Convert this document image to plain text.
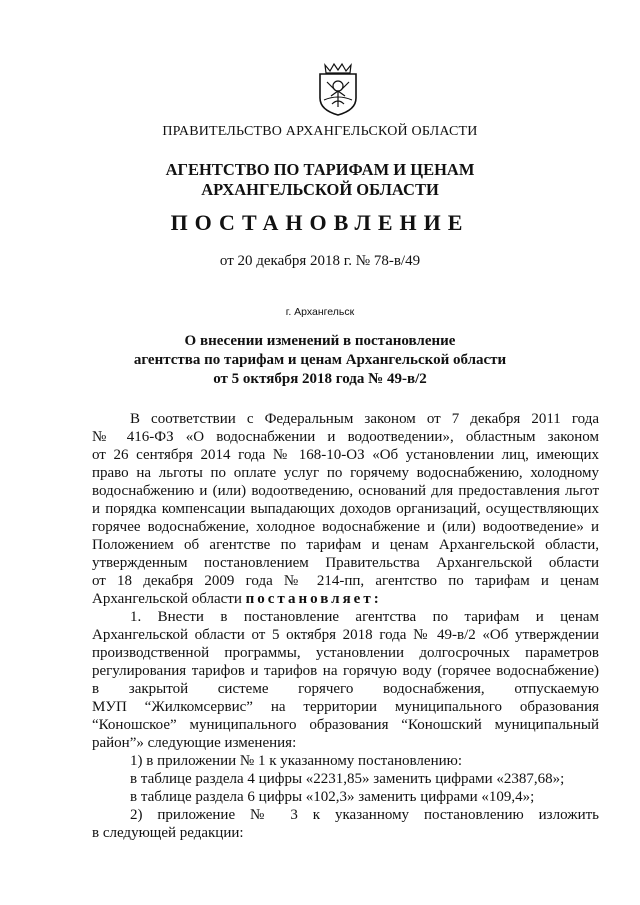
ПРАВИТЕЛЬСТВО АРХАНГЕЛЬСКОЙ ОБЛАСТИ
АГЕНТСТВО ПО ТАРИФАМ И ЦЕНАМ
АРХАНГЕЛЬСКОЙ ОБЛАСТИ
ПОСТАНОВЛЕНИЕ
от 20 декабря 2018 г. № 78-в/49
г. Архангельск
О внесении изменений в постановление
агентства по тарифам и ценам Архангельской области
от 5 октября 2018 года № 49-в/2
В соответствии с Федеральным законом от 7 декабря 2011 года
№ 416-ФЗ «О водоснабжении и водоотведении», областным законом
от 26 сентября 2014 года № 168-10-ОЗ «Об установлении лиц, имеющих
право на льготы по оплате услуг по горячему водоснабжению, холодному
водоснабжению и (или) водоотведению, оснований для предоставления льгот
и порядка компенсации выпадающих доходов организаций, осуществляющих
горячее водоснабжение, холодное водоснабжение и (или) водоотведение» и
Положением об агентстве по тарифам и ценам Архангельской области,
утвержденным постановлением Правительства Архангельской области
от 18 декабря 2009 года № 214-пп, агентство по тарифам и ценам
Архангельской области постановляет:
1. Внести в постановление агентства по тарифам и ценам
Архангельской области от 5 октября 2018 года № 49-в/2 «Об утверждении
производственной программы, установлении долгосрочных параметров
регулирования тарифов и тарифов на горячую воду (горячее водоснабжение)
в закрытой системе горячего водоснабжения, отпускаемую
МУП “Жилкомсервис” на территории муниципального образования
“Коношское” муниципального образования “Коношский муниципальный
район”» следующие изменения:
1) в приложении № 1 к указанному постановлению:
в таблице раздела 4 цифры «2231,85» заменить цифрами «2387,68»;
в таблице раздела 6 цифры «102,3» заменить цифрами «109,4»;
2) приложение № 3 к указанному постановлению изложить
в следующей редакции:
